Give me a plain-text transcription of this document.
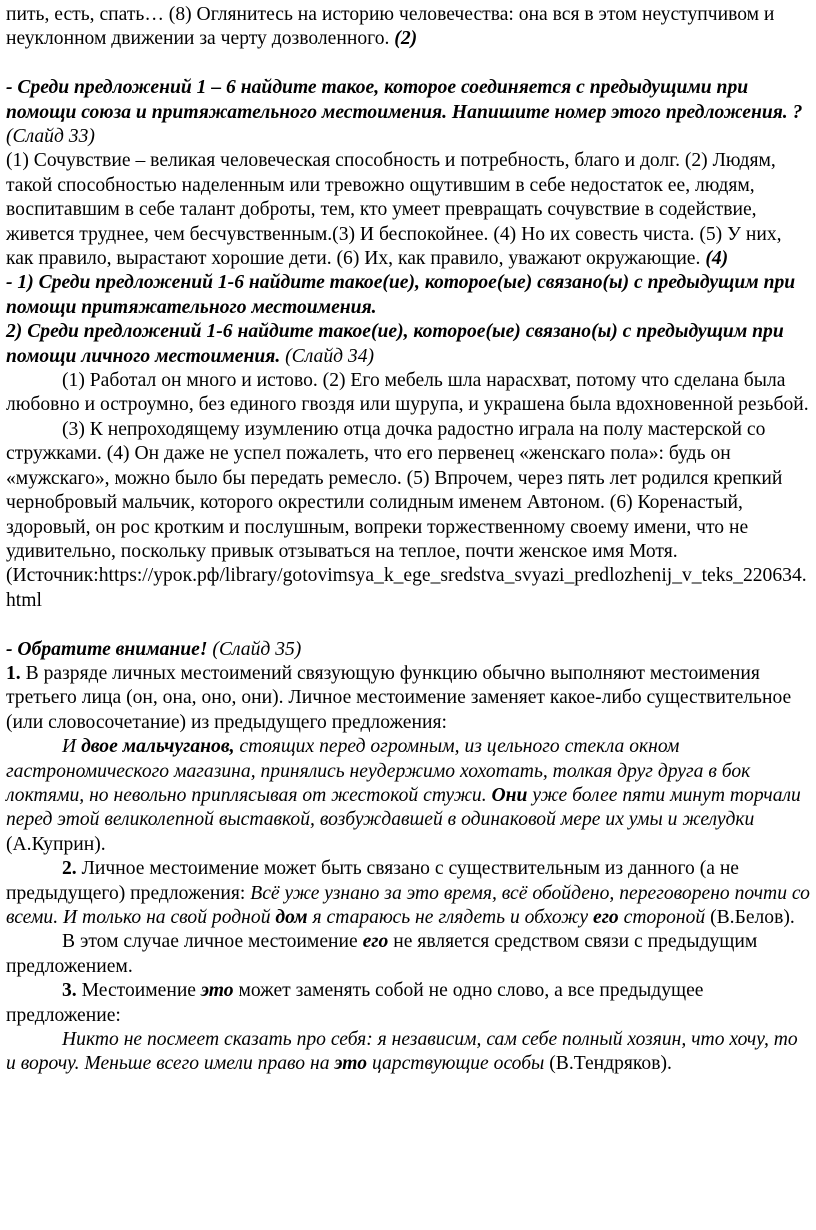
пить, есть, спать… (8) Оглянитесь на историю человечества: она вся в этом неуступчивом и неуклонном движении за черту дозволенного. (2)

- Среди предложений 1 – 6 найдите такое, которое соединяется с предыдущими при помощи союза и притяжательного местоимения. Напишите номер этого предложения. ? (Слайд 33)

(1) Сочувствие – великая человеческая способность и потребность, благо и долг. (2) Людям, такой способностью наделенным или тревожно ощутившим в себе недостаток ее, людям, воспитавшим в себе талант доброты, тем, кто умеет превращать сочувствие в содействие, живется труднее, чем бесчувственным.(3) И беспокойнее. (4) Но их совесть чиста. (5) У них, как правило, вырастают хорошие дети. (6) Их, как правило, уважают окружающие. (4)

- 1) Среди предложений 1-6 найдите такое(ие), которое(ые) связано(ы) с предыдущим при помощи притяжательного местоимения.

2) Среди предложений 1-6 найдите такое(ие), которое(ые) связано(ы) с предыдущим при помощи личного местоимения. (Слайд 34)

(1) Работал он много и истово. (2) Его мебель шла нарасхват, потому что сделана была любовно и остроумно, без единого гвоздя или шурупа, и украшена была вдохновенной резьбой.

(3) К непроходящему изумлению отца дочка радостно играла на полу мастерской со стружками. (4) Он даже не успел пожалеть, что его первенец «женскаго пола»: будь он «мужскаго», можно было бы передать ремесло. (5) Впрочем, через пять лет родился крепкий чернобровый мальчик, которого окрестили солидным именем Автоном. (6) Коренастый, здоровый, он рос кротким и послушным, вопреки торжественному своему имени, что не удивительно, поскольку привык отзываться на теплое, почти женское имя Мотя.

(Источник:https://урок.рф/library/gotovimsya_k_ege_sredstva_svyazi_predlozhenij_v_teks_220634.html

- Обратите внимание! (Слайд 35)

1. В разряде личных местоимений связующую функцию обычно выполняют местоимения третьего лица (он, она, оно, они). Личное местоимение заменяет какое-либо существительное (или словосочетание) из предыдущего предложения:

И двое мальчуганов, стоящих перед огромным, из цельного стекла окном гастрономического магазина, принялись неудержимо хохотать, толкая друг друга в бок локтями, но невольно приплясывая от жестокой стужи. Они уже более пяти минут торчали перед этой великолепной выставкой, возбуждавшей в одинаковой мере их умы и желудки (А.Куприн).

2. Личное местоимение может быть связано с существительным из данного (а не предыдущего) предложения: Всё уже узнано за это время, всё обойдено, переговорено почти со всеми. И только на свой родной дом я стараюсь не глядеть и обхожу его стороной (В.Белов).

В этом случае личное местоимение его не является средством связи с предыдущим предложением.

3. Местоимение это может заменять собой не одно слово, а все предыдущее предложение:

Никто не посмеет сказать про себя: я независим, сам себе полный хозяин, что хочу, то и ворочу. Меньше всего имели право на это царствующие особы (В.Тендряков).
